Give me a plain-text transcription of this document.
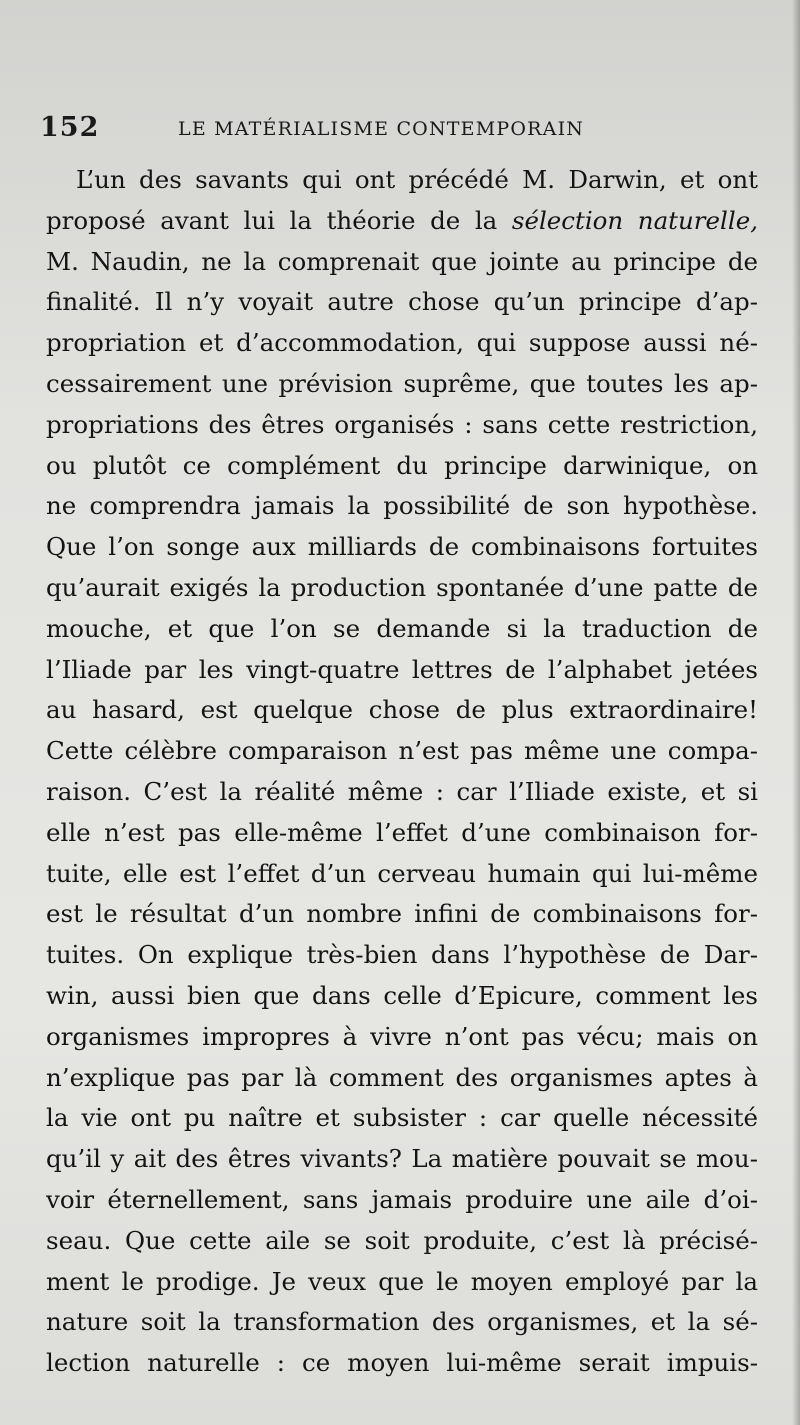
152	LE MATÉRIALISME CONTEMPORAIN
L’un des savants qui ont précédé M. Darwin, et ont
proposé avant lui la théorie de la sélection naturelle,
M. Naudin, ne la comprenait que jointe au principe de
finalité. Il n’y voyait autre chose qu’un principe d’ap-
propriation et d’accommodation, qui suppose aussi né-
cessairement une prévision suprême, que toutes les ap-
propriations des êtres organisés : sans cette restriction,
ou plutôt ce complément du principe darwinique, on
ne comprendra jamais la possibilité de son hypothèse.
Que l’on songe aux milliards de combinaisons fortuites
qu’aurait exigés la production spontanée d’une patte de
mouche, et que l’on se demande si la traduction de
l’Iliade par les vingt-quatre lettres de l’alphabet jetées
au hasard, est quelque chose de plus extraordinaire!
Cette célèbre comparaison n’est pas même une compa-
raison. C’est la réalité même : car l’Iliade existe, et si
elle n’est pas elle-même l’effet d’une combinaison for-
tuite, elle est l’effet d’un cerveau humain qui lui-même
est le résultat d’un nombre infini de combinaisons for-
tuites. On explique très-bien dans l’hypothèse de Dar-
win, aussi bien que dans celle d’Epicure, comment les
organismes impropres à vivre n’ont pas vécu; mais on
n’explique pas par là comment des organismes aptes à
la vie ont pu naître et subsister : car quelle nécessité
qu’il y ait des êtres vivants? La matière pouvait se mou-
voir éternellement, sans jamais produire une aile d’oi-
seau. Que cette aile se soit produite, c’est là précisé-
ment le prodige. Je veux que le moyen employé par la
nature soit la transformation des organismes, et la sé-
lection naturelle : ce moyen lui-même serait impuis-
